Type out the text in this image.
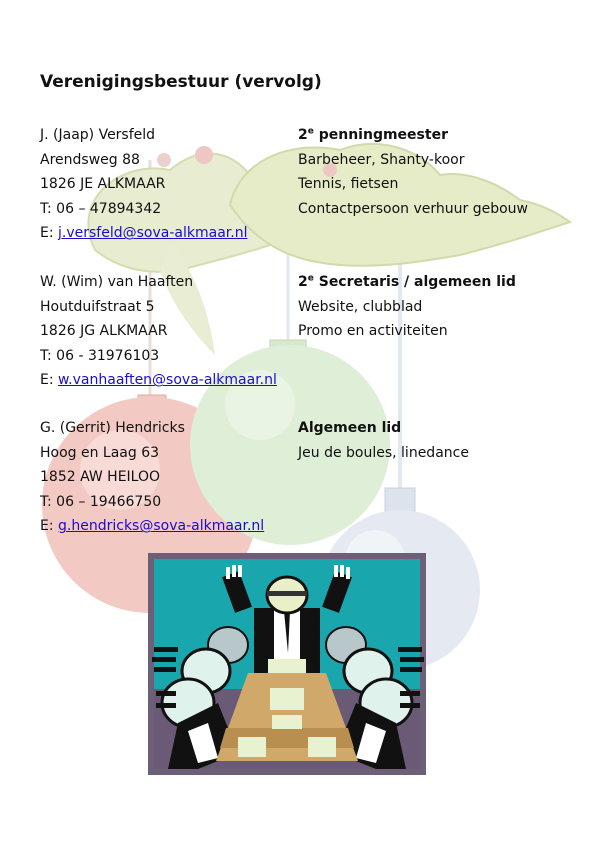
Verenigingsbestuur (vervolg)
J. (Jaap) Versfeld
Arendsweg 88
1826 JE ALKMAAR
T: 06 – 47894342
E: j.versfeld@sova-alkmaar.nl
2e penningmeester
Barbeheer, Shanty-koor
Tennis, fietsen
Contactpersoon verhuur gebouw
W. (Wim) van Haaften
Houtduifstraat 5
1826 JG ALKMAAR
T: 06 - 31976103
E: w.vanhaaften@sova-alkmaar.nl
2e Secretaris / algemeen lid
Website, clubblad
Promo en activiteiten
G. (Gerrit) Hendricks
Hoog en Laag 63
1852 AW HEILOO
T: 06 – 19466750
E: g.hendricks@sova-alkmaar.nl
Algemeen lid
Jeu de boules, linedance
